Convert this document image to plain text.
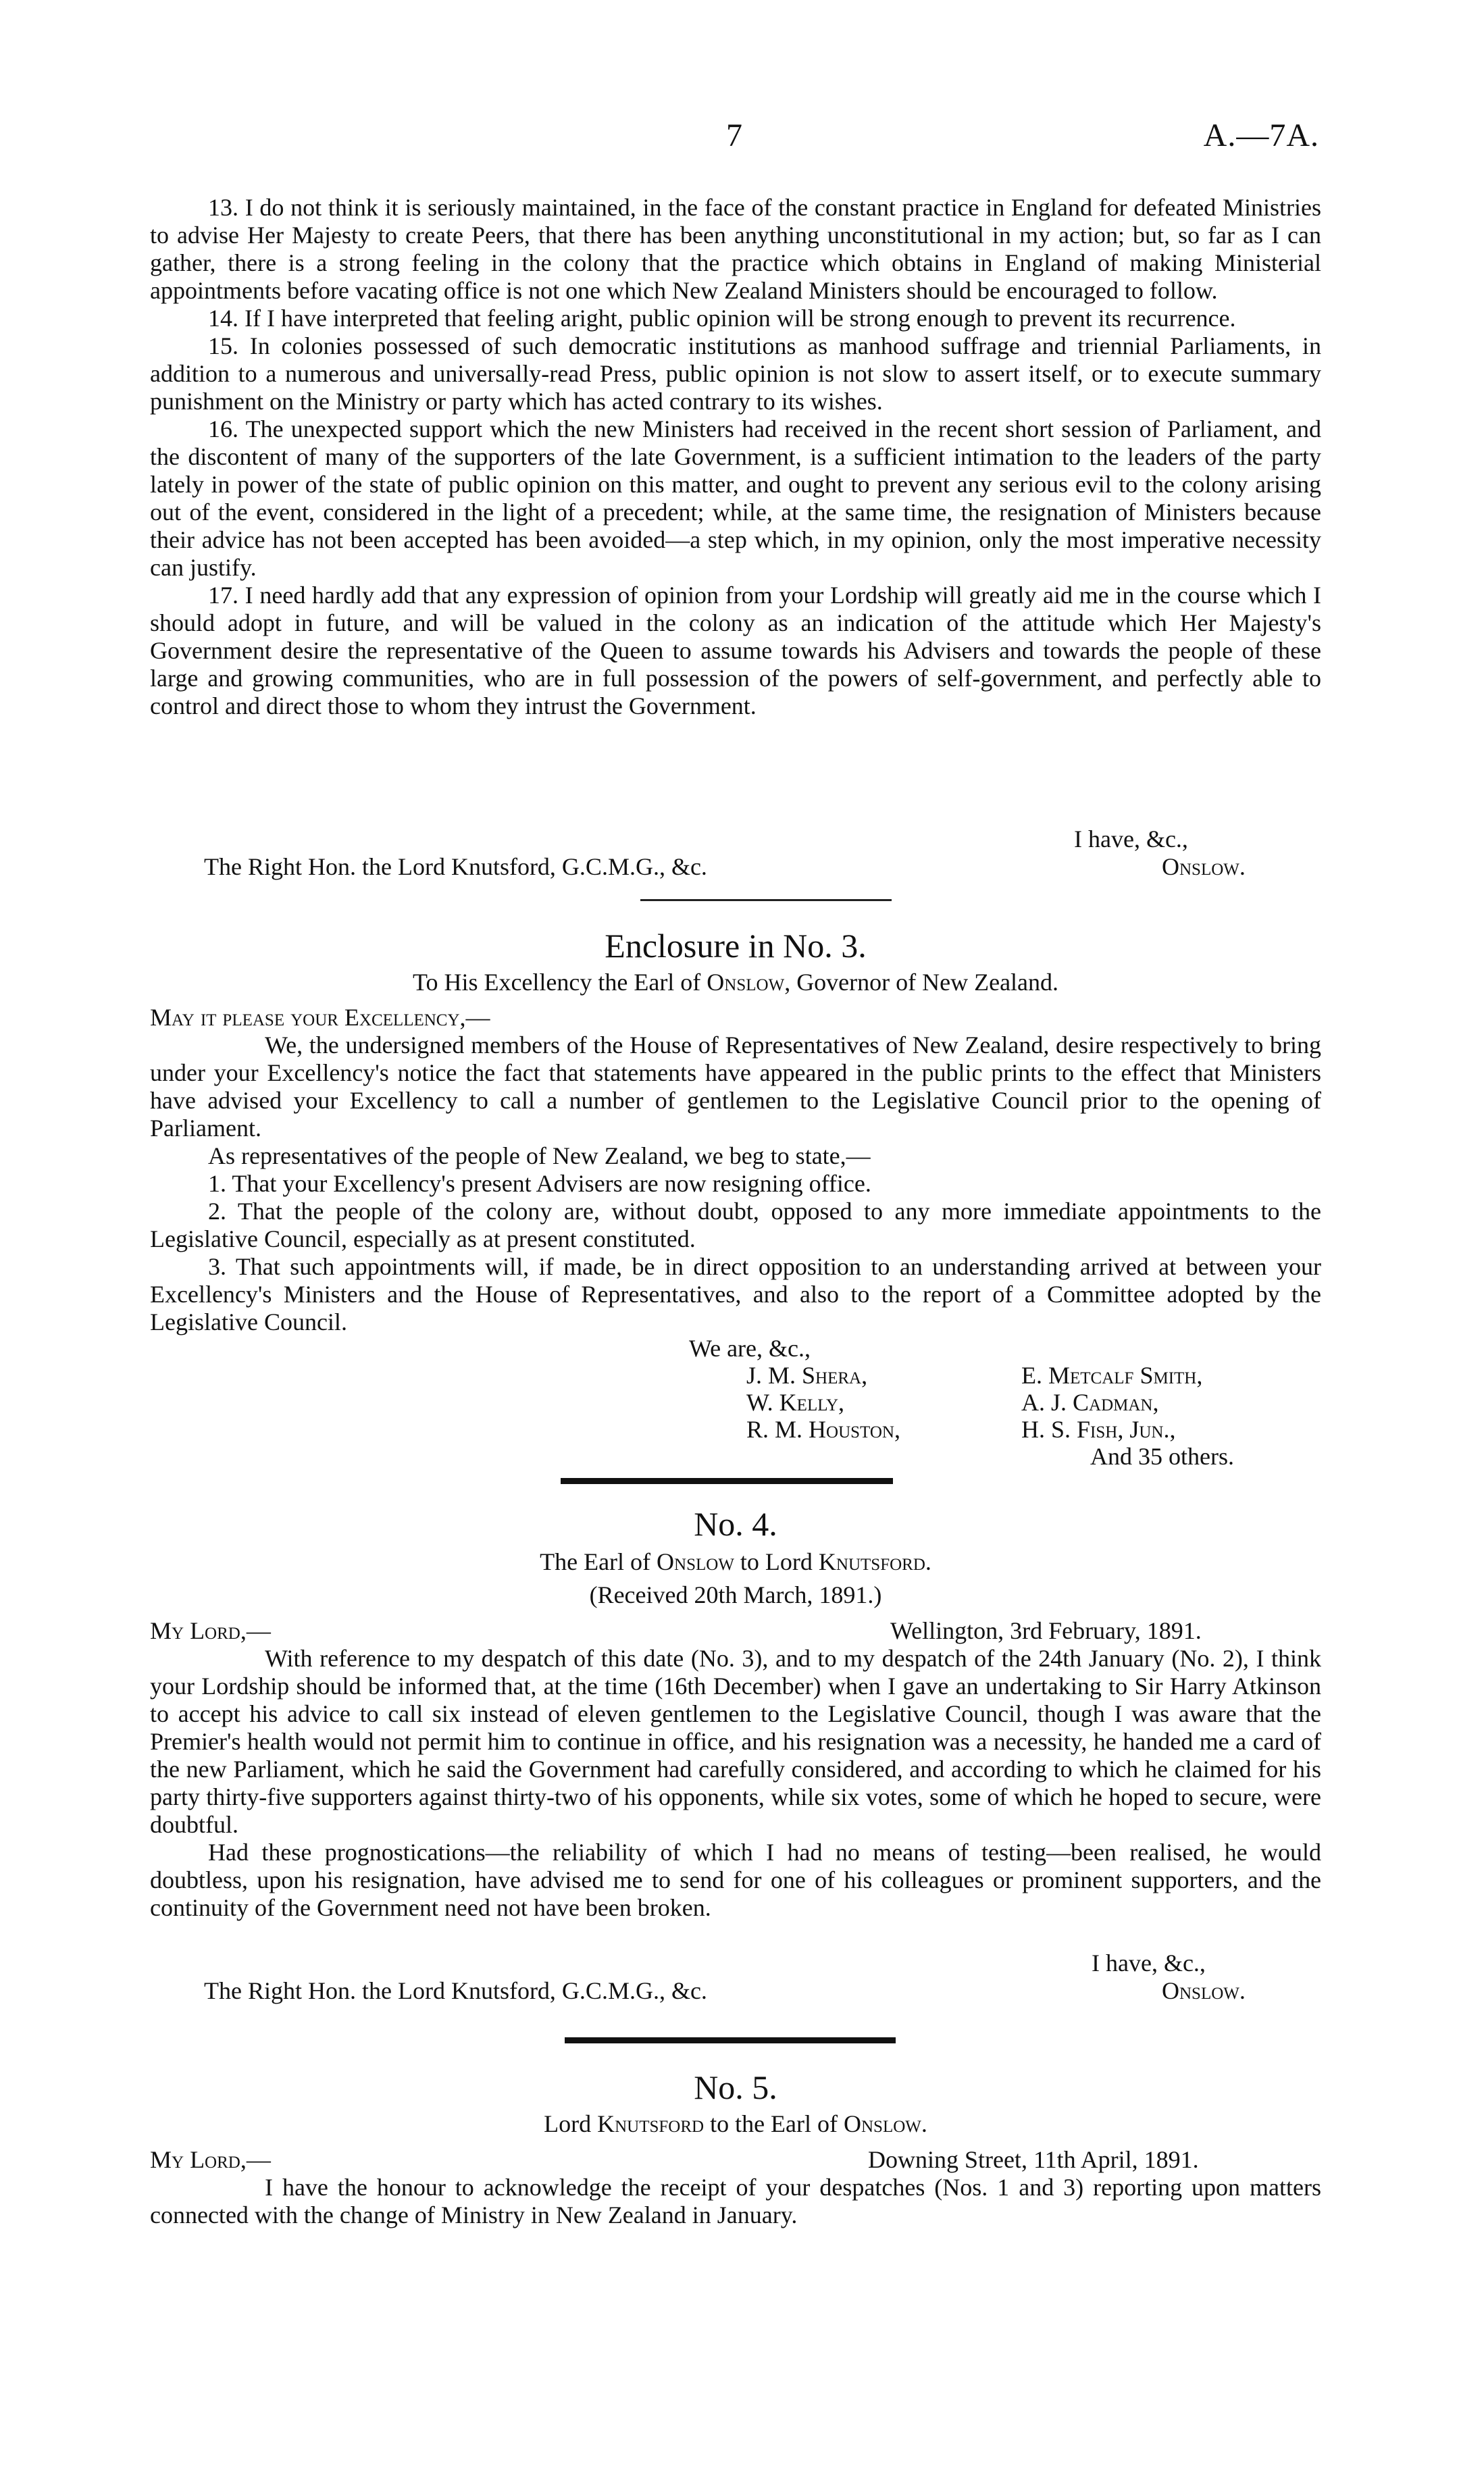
7	A.—7A.

13. I do not think it is seriously maintained, in the face of the constant practice in England for defeated Ministries to advise Her Majesty to create Peers, that there has been anything unconstitutional in my action; but, so far as I can gather, there is a strong feeling in the colony that the practice which obtains in England of making Ministerial appointments before vacating office is not one which New Zealand Ministers should be encouraged to follow.

14. If I have interpreted that feeling aright, public opinion will be strong enough to prevent its recurrence.

15. In colonies possessed of such democratic institutions as manhood suffrage and triennial Parliaments, in addition to a numerous and universally-read Press, public opinion is not slow to assert itself, or to execute summary punishment on the Ministry or party which has acted contrary to its wishes.

16. The unexpected support which the new Ministers had received in the recent short session of Parliament, and the discontent of many of the supporters of the late Government, is a sufficient intimation to the leaders of the party lately in power of the state of public opinion on this matter, and ought to prevent any serious evil to the colony arising out of the event, considered in the light of a precedent; while, at the same time, the resignation of Ministers because their advice has not been accepted has been avoided—a step which, in my opinion, only the most imperative necessity can justify.

17. I need hardly add that any expression of opinion from your Lordship will greatly aid me in the course which I should adopt in future, and will be valued in the colony as an indication of the attitude which Her Majesty's Government desire the representative of the Queen to assume towards his Advisers and towards the people of these large and growing communities, who are in full possession of the powers of self-government, and perfectly able to control and direct those to whom they intrust the Government.

I have, &c.,
The Right Hon. the Lord Knutsford, G.C.M.G., &c.	Onslow.
Enclosure in No. 3.
To His Excellency the Earl of Onslow, Governor of New Zealand.

May it please your Excellency,—

We, the undersigned members of the House of Representatives of New Zealand, desire respectively to bring under your Excellency's notice the fact that statements have appeared in the public prints to the effect that Ministers have advised your Excellency to call a number of gentlemen to the Legislative Council prior to the opening of Parliament.

As representatives of the people of New Zealand, we beg to state,—

1. That your Excellency's present Advisers are now resigning office.

2. That the people of the colony are, without doubt, opposed to any more immediate appointments to the Legislative Council, especially as at present constituted.

3. That such appointments will, if made, be in direct opposition to an understanding arrived at between your Excellency's Ministers and the House of Representatives, and also to the report of a Committee adopted by the Legislative Council.

We are, &c.,
J. M. Shera,
W. Kelly,
R. M. Houston,
E. Metcalf Smith,
A. J. Cadman,
H. S. Fish, Jun.,
And 35 others.
No. 4.
The Earl of Onslow to Lord Knutsford.
(Received 20th March, 1891.)
My Lord,—	Wellington, 3rd February, 1891.

With reference to my despatch of this date (No. 3), and to my despatch of the 24th January (No. 2), I think your Lordship should be informed that, at the time (16th December) when I gave an undertaking to Sir Harry Atkinson to accept his advice to call six instead of eleven gentlemen to the Legislative Council, though I was aware that the Premier's health would not permit him to continue in office, and his resignation was a necessity, he handed me a card of the new Parliament, which he said the Government had carefully considered, and according to which he claimed for his party thirty-five supporters against thirty-two of his opponents, while six votes, some of which he hoped to secure, were doubtful.

Had these prognostications—the reliability of which I had no means of testing—been realised, he would doubtless, upon his resignation, have advised me to send for one of his colleagues or prominent supporters, and the continuity of the Government need not have been broken.

I have, &c.,
The Right Hon. the Lord Knutsford, G.C.M.G., &c.	Onslow.
No. 5.
Lord Knutsford to the Earl of Onslow.
My Lord,—	Downing Street, 11th April, 1891.

I have the honour to acknowledge the receipt of your despatches (Nos. 1 and 3) reporting upon matters connected with the change of Ministry in New Zealand in January.
